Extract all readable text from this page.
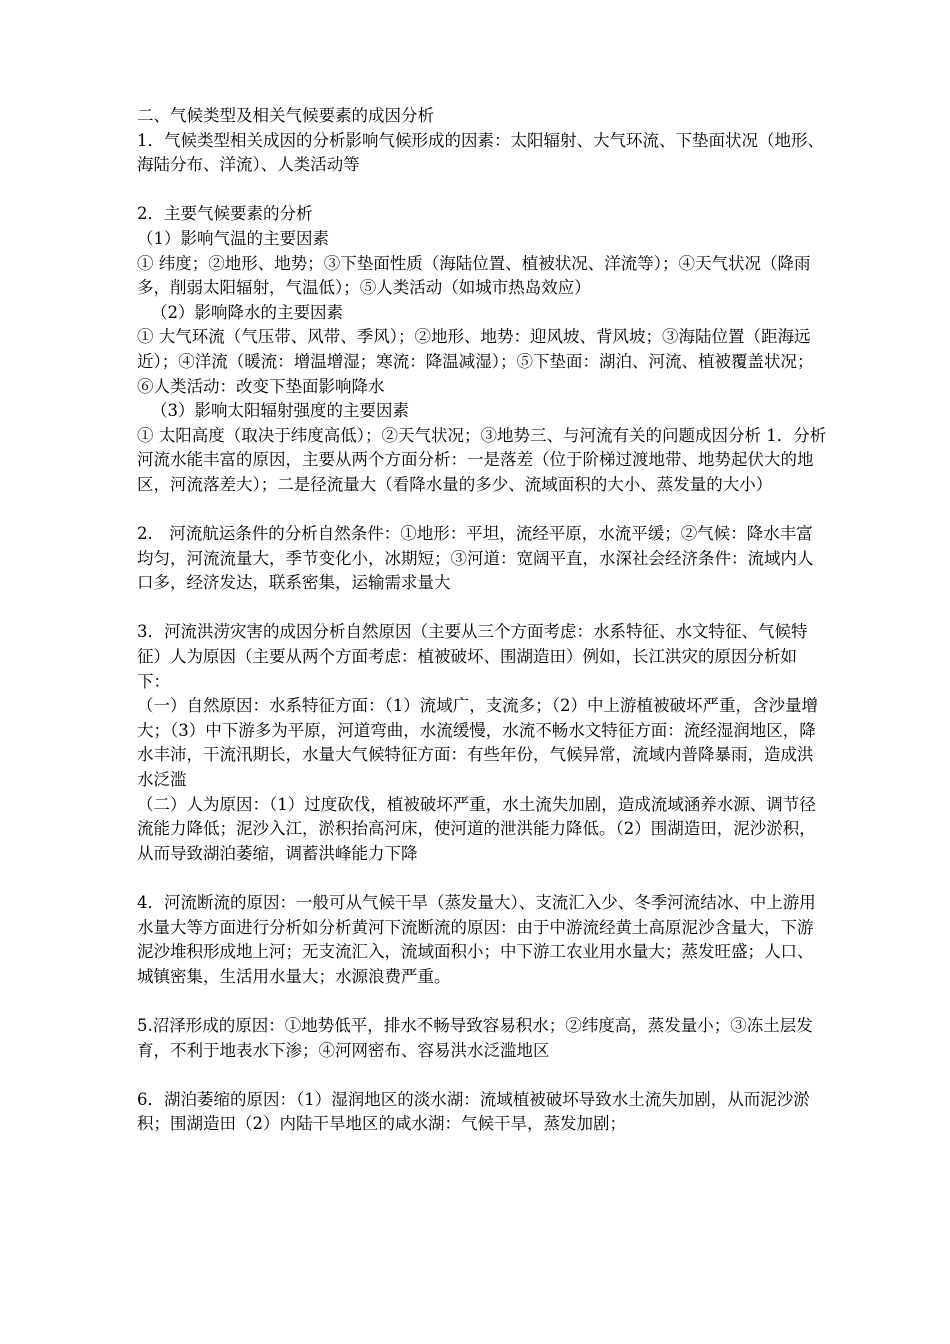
二、气候类型及相关气候要素的成因分析

1．气候类型相关成因的分析影响气候形成的因素：太阳辐射、大气环流、下垫面状况（地形、海陆分布、洋流）、人类活动等

2．主要气候要素的分析

（1）影响气温的主要因素

① 纬度；②地形、地势；③下垫面性质（海陆位置、植被状况、洋流等）；④天气状况（降雨多，削弱太阳辐射，气温低）；⑤人类活动（如城市热岛效应）

（2）影响降水的主要因素

① 大气环流（气压带、风带、季风）；②地形、地势：迎风坡、背风坡；③海陆位置（距海远近）；④洋流（暖流：增温增湿；寒流：降温减湿）；⑤下垫面：湖泊、河流、植被覆盖状况；⑥人类活动：改变下垫面影响降水

（3）影响太阳辐射强度的主要因素

① 太阳高度（取决于纬度高低）；②天气状况；③地势三、与河流有关的问题成因分析 1．分析河流水能丰富的原因，主要从两个方面分析：一是落差（位于阶梯过渡地带、地势起伏大的地区，河流落差大）；二是径流量大（看降水量的多少、流域面积的大小、蒸发量的大小）

2.　河流航运条件的分析自然条件：①地形：平坦，流经平原，水流平缓；②气候：降水丰富均匀，河流流量大，季节变化小，冰期短；③河道：宽阔平直，水深社会经济条件：流域内人口多，经济发达，联系密集，运输需求量大

3．河流洪涝灾害的成因分析自然原因（主要从三个方面考虑：水系特征、水文特征、气候特征）人为原因（主要从两个方面考虑：植被破坏、围湖造田）例如，长江洪灾的原因分析如下：

（一）自然原因：水系特征方面：（1）流域广，支流多；（2）中上游植被破坏严重，含沙量增大；（3）中下游多为平原，河道弯曲，水流缓慢，水流不畅水文特征方面：流经湿润地区，降水丰沛，干流汛期长，水量大气候特征方面：有些年份，气候异常，流域内普降暴雨，造成洪水泛滥

（二）人为原因：（1）过度砍伐，植被破坏严重，水土流失加剧，造成流域涵养水源、调节径流能力降低；泥沙入江，淤积抬高河床，使河道的泄洪能力降低。（2）围湖造田，泥沙淤积，从而导致湖泊萎缩，调蓄洪峰能力下降

4．河流断流的原因：一般可从气候干旱（蒸发量大）、支流汇入少、冬季河流结冰、中上游用水量大等方面进行分析如分析黄河下流断流的原因：由于中游流经黄土高原泥沙含量大，下游泥沙堆积形成地上河；无支流汇入，流域面积小；中下游工农业用水量大；蒸发旺盛；人口、城镇密集，生活用水量大；水源浪费严重。

5.沼泽形成的原因：①地势低平，排水不畅导致容易积水；②纬度高，蒸发量小；③冻土层发育，不利于地表水下渗；④河网密布、容易洪水泛滥地区

6．湖泊萎缩的原因：（1）湿润地区的淡水湖：流域植被破坏导致水土流失加剧，从而泥沙淤积；围湖造田（2）内陆干旱地区的咸水湖：气候干旱，蒸发加剧；
